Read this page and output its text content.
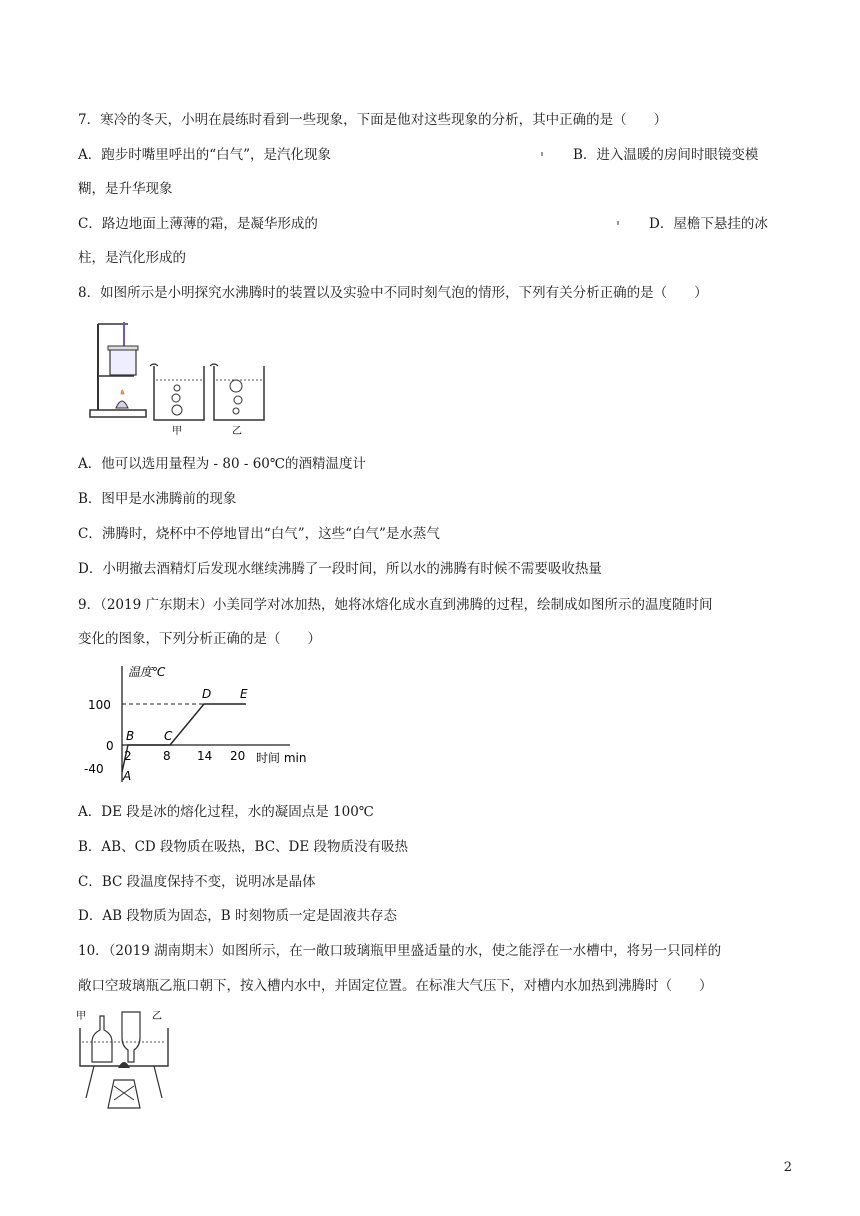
7．寒冷的冬天，小明在晨练时看到一些现象，下面是他对这些现象的分析，其中正确的是（　　）
A．跑步时嘴里呼出的“白气”，是汽化现象	B．进入温暖的房间时眼镜变模
糊，是升华现象
C．路边地面上薄薄的霜，是凝华形成的	D．屋檐下悬挂的冰
柱，是汽化形成的
8．如图所示是小明探究水沸腾时的装置以及实验中不同时刻气泡的情形，下列有关分析正确的是（　　）
甲	乙
A．他可以选用量程为 - 80 - 60℃的酒精温度计
B．图甲是水沸腾前的现象
C．沸腾时，烧杯中不停地冒出“白气”，这些“白气”是水蒸气
D．小明撤去酒精灯后发现水继续沸腾了一段时间，所以水的沸腾有时候不需要吸收热量
9．（2019 广东期末）小美同学对冰加热，她将冰熔化成水直到沸腾的过程，绘制成如图所示的温度随时间
变化的图象，下列分析正确的是（　　）
温度℃
时间 min
100
0
-40
2	8 14 20
A
B C
D E
A．DE 段是冰的熔化过程，水的凝固点是 100℃
B．AB、CD 段物质在吸热，BC、DE 段物质没有吸热
C．BC 段温度保持不变，说明冰是晶体
D．AB 段物质为固态，B 时刻物质一定是固液共存态
10．（2019 湖南期末）如图所示，在一敞口玻璃瓶甲里盛适量的水，使之能浮在一水槽中，将另一只同样的
敞口空玻璃瓶乙瓶口朝下，按入槽内水中，并固定位置。在标准大气压下，对槽内水加热到沸腾时（　　）
甲	乙
2
